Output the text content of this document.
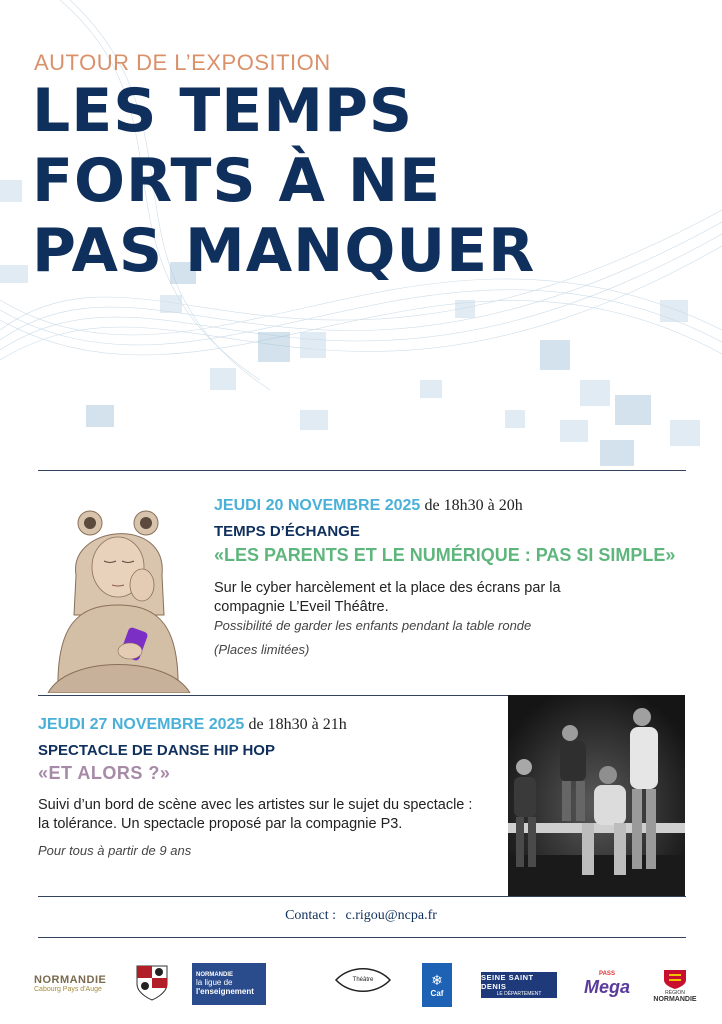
AUTOUR DE L’EXPOSITION
LES TEMPS
FORTS À NE
PAS MANQUER
JEUDI 20 NOVEMBRE 2025 de 18h30 à 20h
TEMPS D’ÉCHANGE
«LES PARENTS ET LE NUMÉRIQUE : PAS SI SIMPLE»
Sur le cyber harcèlement et la place des écrans par la compagnie L’Eveil Théâtre.
Possibilité de garder les enfants pendant la table ronde
(Places limitées)
JEUDI 27 NOVEMBRE 2025 de 18h30 à 21h
SPECTACLE DE DANSE HIP HOP
«ET ALORS ?»
Suivi d’un bord de scène avec les artistes sur le sujet du spectacle : la tolérance. Un spectacle proposé par la compagnie P3.
Pour tous à partir de 9 ans
Contact : c.rigou@ncpa.fr
NORMANDIE
Cabourg Pays d'Auge
NORMANDIE
la ligue de
l'enseignement
Théâtre	❄
Caf
SEINE SAINT DENIS
LE DÉPARTEMENT
PASS
Mega	RÉGION
NORMANDIE
